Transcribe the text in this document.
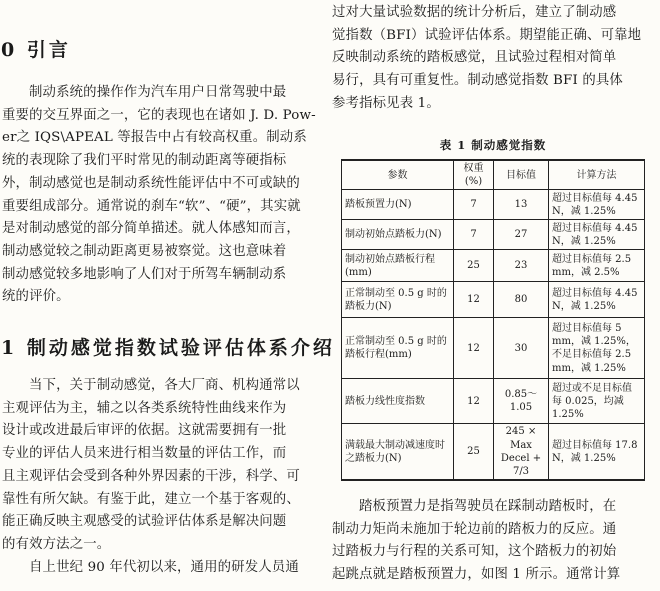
0 引言

制动系统的操作作为汽车用户日常驾驶中最

重要的交互界面之一，它的表现也在诸如 J. D. Pow-

er之 IQS\APEAL 等报告中占有较高权重。制动系

统的表现除了我们平时常见的制动距离等硬指标

外，制动感觉也是制动系统性能评估中不可或缺的

重要组成部分。通常说的刹车“软”、“硬”，其实就

是对制动感觉的部分简单描述。就人体感知而言，

制动感觉较之制动距离更易被察觉。这也意味着

制动感觉较多地影响了人们对于所驾车辆制动系

统的评价。

1 制动感觉指数试验评估体系介绍

当下，关于制动感觉，各大厂商、机构通常以

主观评估为主，辅之以各类系统特性曲线来作为

设计或改进最后审评的依据。这就需要拥有一批

专业的评估人员来进行相当数量的评估工作，而

且主观评估会受到各种外界因素的干涉，科学、可

靠性有所欠缺。有鉴于此，建立一个基于客观的、

能正确反映主观感受的试验评估体系是解决问题

的有效方法之一。

自上世纪 90 年代初以来，通用的研发人员通

过对大量试验数据的统计分析后，建立了制动感

觉指数（BFI）试验评估体系。期望能正确、可靠地

反映制动系统的踏板感觉，且试验过程相对简单

易行，具有可重复性。制动感觉指数 BFI 的具体

参考指标见表 1。

表 1 制动感觉指数

参数	权重(%)	目标值	计算方法
踏板预置力(N)	7	13	超过目标值每 4.45 N，减 1.25%
制动初始点踏板力(N)	7	27	超过目标值每 4.45 N，减 1.25%
制动初始点踏板行程(mm)	25	23	超过目标值每 2.5 mm，减 2.5%
正常制动至 0.5 g 时的踏板力(N)	12	80	超过目标值每 4.45 N，减 1.25%
正常制动至 0.5 g 时的踏板行程(mm)	12	30	超过目标值每 5 mm，减 1.25%，不足目标值每 2.5 mm，减 1.25%
踏板力线性度指数	12	0.85～1.05	超过或不足目标值每 0.025，均减 1.25%
满载最大制动减速度时之踏板力(N)	25	245 × Max Decel + 7/3	超过目标值每 17.8 N，减 1.25%

踏板预置力是指驾驶员在踩制动踏板时，在

制动力矩尚未施加于轮边前的踏板力的反应。通

过踏板力与行程的关系可知，这个踏板力的初始

起跳点就是踏板预置力，如图 1 所示。通常计算
